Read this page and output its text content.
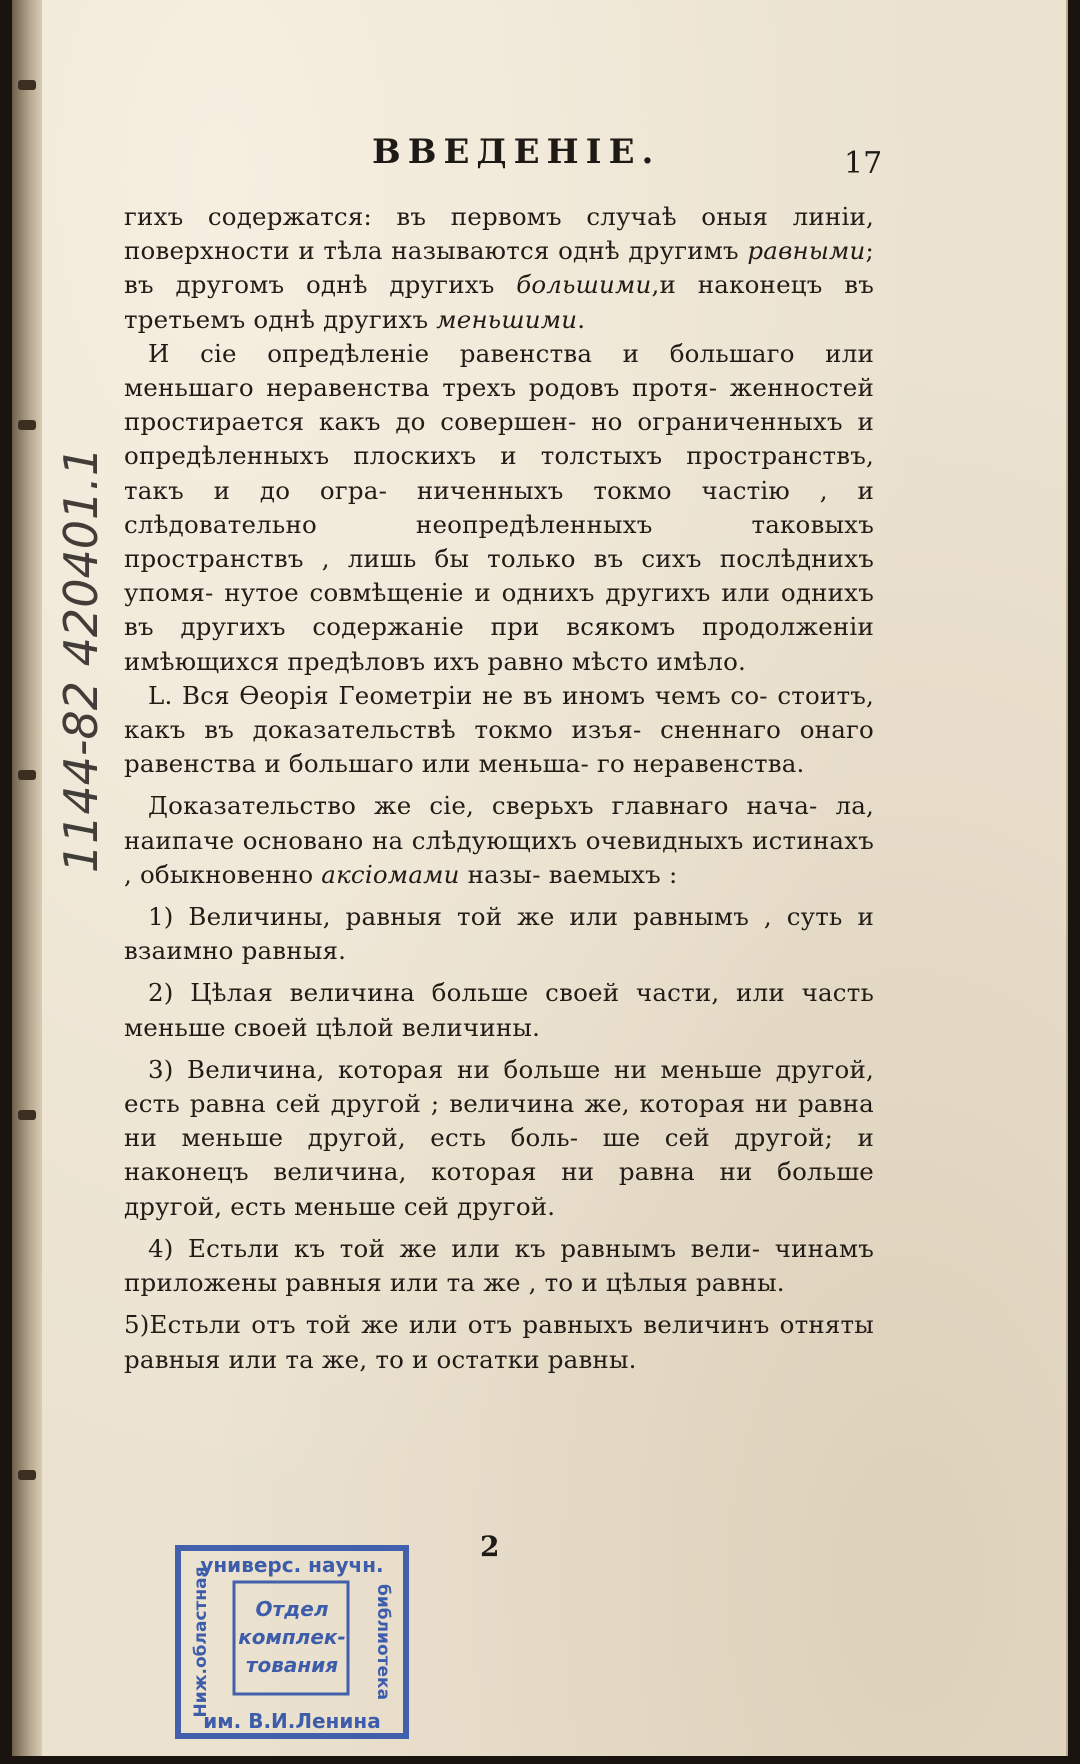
ВВЕДЕНІЕ.	17

гихъ содержатся: въ первомъ случаѣ оныя линіи, поверхности и тѣла называются однѣ другимъ равными; въ другомъ однѣ другихъ большими,и наконецъ въ третьемъ однѣ другихъ меньшими.

И сіе опредѣленіе равенства и большаго или меньшаго неравенства трехъ родовъ протя- женностей простирается какъ до совершен- но ограниченныхъ и опредѣленныхъ плоскихъ и толстыхъ пространствъ, такъ и до огра- ниченныхъ токмо частію , и слѣдовательно	неопредѣленныхъ таковыхъ пространствъ , лишь бы только въ сихъ послѣднихъ упомя- нутое совмѣщеніе и однихъ другихъ или однихъ въ другихъ содержаніе при всякомъ продолженіи имѣющихся предѣловъ ихъ равно мѣсто имѣло.

L. Вся Ѳеорія Геометріи не въ иномъ чемъ со- стоитъ, какъ въ доказательствѣ токмо изъя- сненнаго онаго равенства и большаго или меньша- го неравенства.

Доказательство же сіе, сверьхъ главнаго нача- ла, наипаче основано на слѣдующихъ очевидныхъ истинахъ , обыкновенно аксіомами назы- ваемыхъ :

1) Величины, равныя той же или равнымъ , суть и взаимно равныя.

2) Цѣлая величина больше своей части, или часть меньше своей цѣлой величины.

3) Величина, которая ни больше ни меньше другой, есть равна сей другой ; величина же, которая ни равна ни меньше другой, есть боль- ше сей другой; и наконецъ величина, которая ни равна ни больше другой, есть меньше сей другой.

4) Естьли къ той же или къ равнымъ вели- чинамъ приложены равныя или та же , то и цѣлыя равны.

5)Естьли отъ той же или отъ равныхъ величинъ отняты равныя или та же, то и остатки равны.

2
1144-82 420401.1
универс. научн.
им. В.И.Ленина
Ниж.областная	библиотека
Отдел
комплек-
тования
